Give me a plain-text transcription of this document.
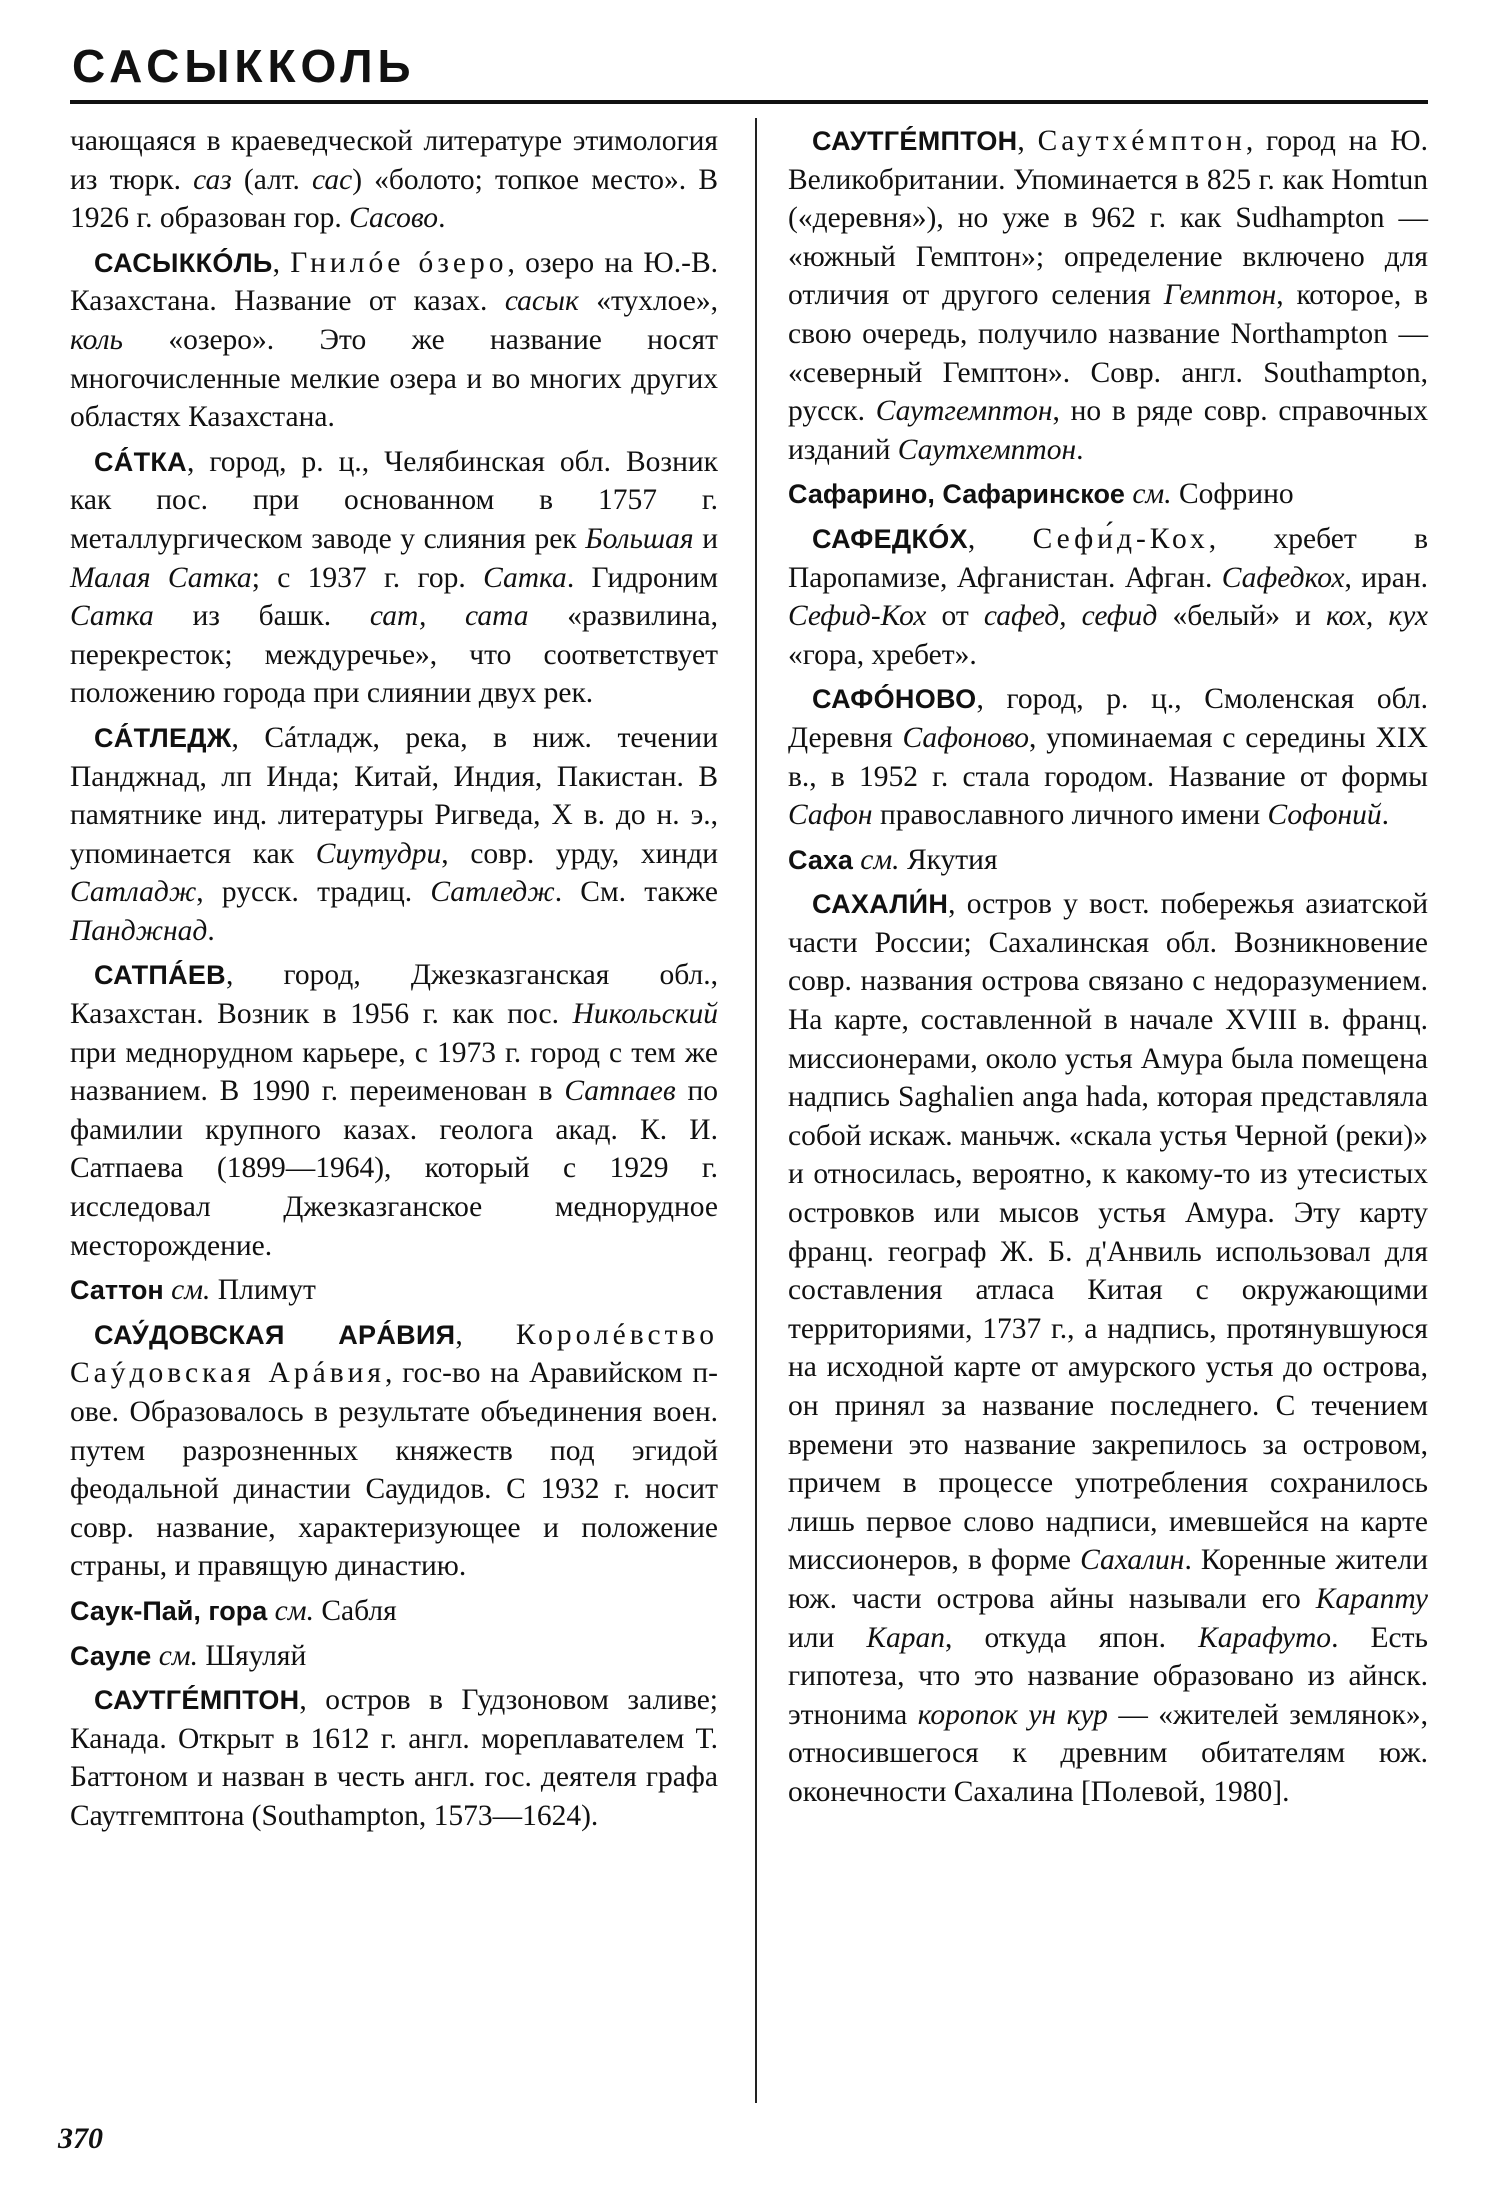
САСЫККОЛЬ

чающаяся в краеведческой литературе этимология из тюрк. саз (алт. сас) «болото; топкое место». В 1926 г. образован гор. Сасово.

САСЫККÓЛЬ, Гнилóе óзеро, озеро на Ю.-В. Казахстана. Название от казах. сасык «тухлое», коль «озеро». Это же название носят многочисленные мелкие озера и во многих других областях Казахстана.

СÁТКА, город, р. ц., Челябинская обл. Возник как пос. при основанном в 1757 г. металлургическом заводе у слияния рек Большая и Малая Сатка; с 1937 г. гор. Сатка. Гидроним Сатка из башк. сат, сата «развилина, перекресток; междуречье», что соответствует положению города при слиянии двух рек.

СÁТЛЕДЖ, Сáтладж, река, в ниж. течении Панджнад, лп Инда; Китай, Индия, Пакистан. В памятнике инд. литературы Ригведа, X в. до н. э., упоминается как Сиутудри, совр. урду, хинди Сатладж, русск. традиц. Сатледж. См. также Панджнад.

САТПÁЕВ, город, Джезказганская обл., Казахстан. Возник в 1956 г. как пос. Никольский при меднорудном карьере, с 1973 г. город с тем же названием. В 1990 г. переименован в Сатпаев по фамилии крупного казах. геолога акад. К. И. Сатпаева (1899—1964), который с 1929 г. исследовал Джезказганское меднорудное месторождение.

Саттон см. Плимут

САУ́ДОВСКАЯ АРÁВИЯ, Королéвство Саýдовская Арáвия, гос-во на Аравийском п-ове. Образовалось в результате объединения воен. путем разрозненных княжеств под эгидой феодальной династии Саудидов. С 1932 г. носит совр. название, характеризующее и положение страны, и правящую династию.

Саук-Пай, гора см. Сабля

Сауле см. Шяуляй

САУТГÉМПТОН, остров в Гудзоновом заливе; Канада. Открыт в 1612 г. англ. мореплавателем Т. Баттоном и назван в честь англ. гос. деятеля графа Саутгемптона (Southampton, 1573—1624).

САУТГÉМПТОН, Саутхéмптон, город на Ю. Великобритании. Упоминается в 825 г. как Homtun («деревня»), но уже в 962 г. как Sudhampton — «южный Гемптон»; определение включено для отличия от другого селения Гемптон, которое, в свою очередь, получило название Northampton — «северный Гемптон». Совр. англ. Southampton, русск. Саутгемптон, но в ряде совр. справочных изданий Саутхемптон.

Сафарино, Сафаринское см. Софрино

САФЕДКÓХ, Сефи́д-Кох, хребет в Паропамизе, Афганистан. Афган. Сафедкох, иран. Сефид-Кох от сафед, сефид «белый» и кох, кух «гора, хребет».

САФÓНОВО, город, р. ц., Смоленская обл. Деревня Сафоново, упоминаемая с середины XIX в., в 1952 г. стала городом. Название от формы Сафон православного личного имени Софоний.

Саха см. Якутия

САХАЛИ́Н, остров у вост. побережья азиатской части России; Сахалинская обл. Возникновение совр. названия острова связано с недоразумением. На карте, составленной в начале XVIII в. франц. миссионерами, около устья Амура была помещена надпись Saghalien anga hada, которая представляла собой искаж. маньчж. «скала устья Черной (реки)» и относилась, вероятно, к какому-то из утесистых островков или мысов устья Амура. Эту карту франц. географ Ж. Б. д'Анвиль использовал для составления атласа Китая с окружающими территориями, 1737 г., а надпись, протянувшуюся на исходной карте от амурского устья до острова, он принял за название последнего. С течением времени это название закрепилось за островом, причем в процессе употребления сохранилось лишь первое слово надписи, имевшейся на карте миссионеров, в форме Сахалин. Коренные жители юж. части острова айны называли его Карапту или Карап, откуда япон. Карафуто. Есть гипотеза, что это название образовано из айнск. этнонима коропок ун кур — «жителей землянок», относившегося к древним обитателям юж. оконечности Сахалина [Полевой, 1980].

370
